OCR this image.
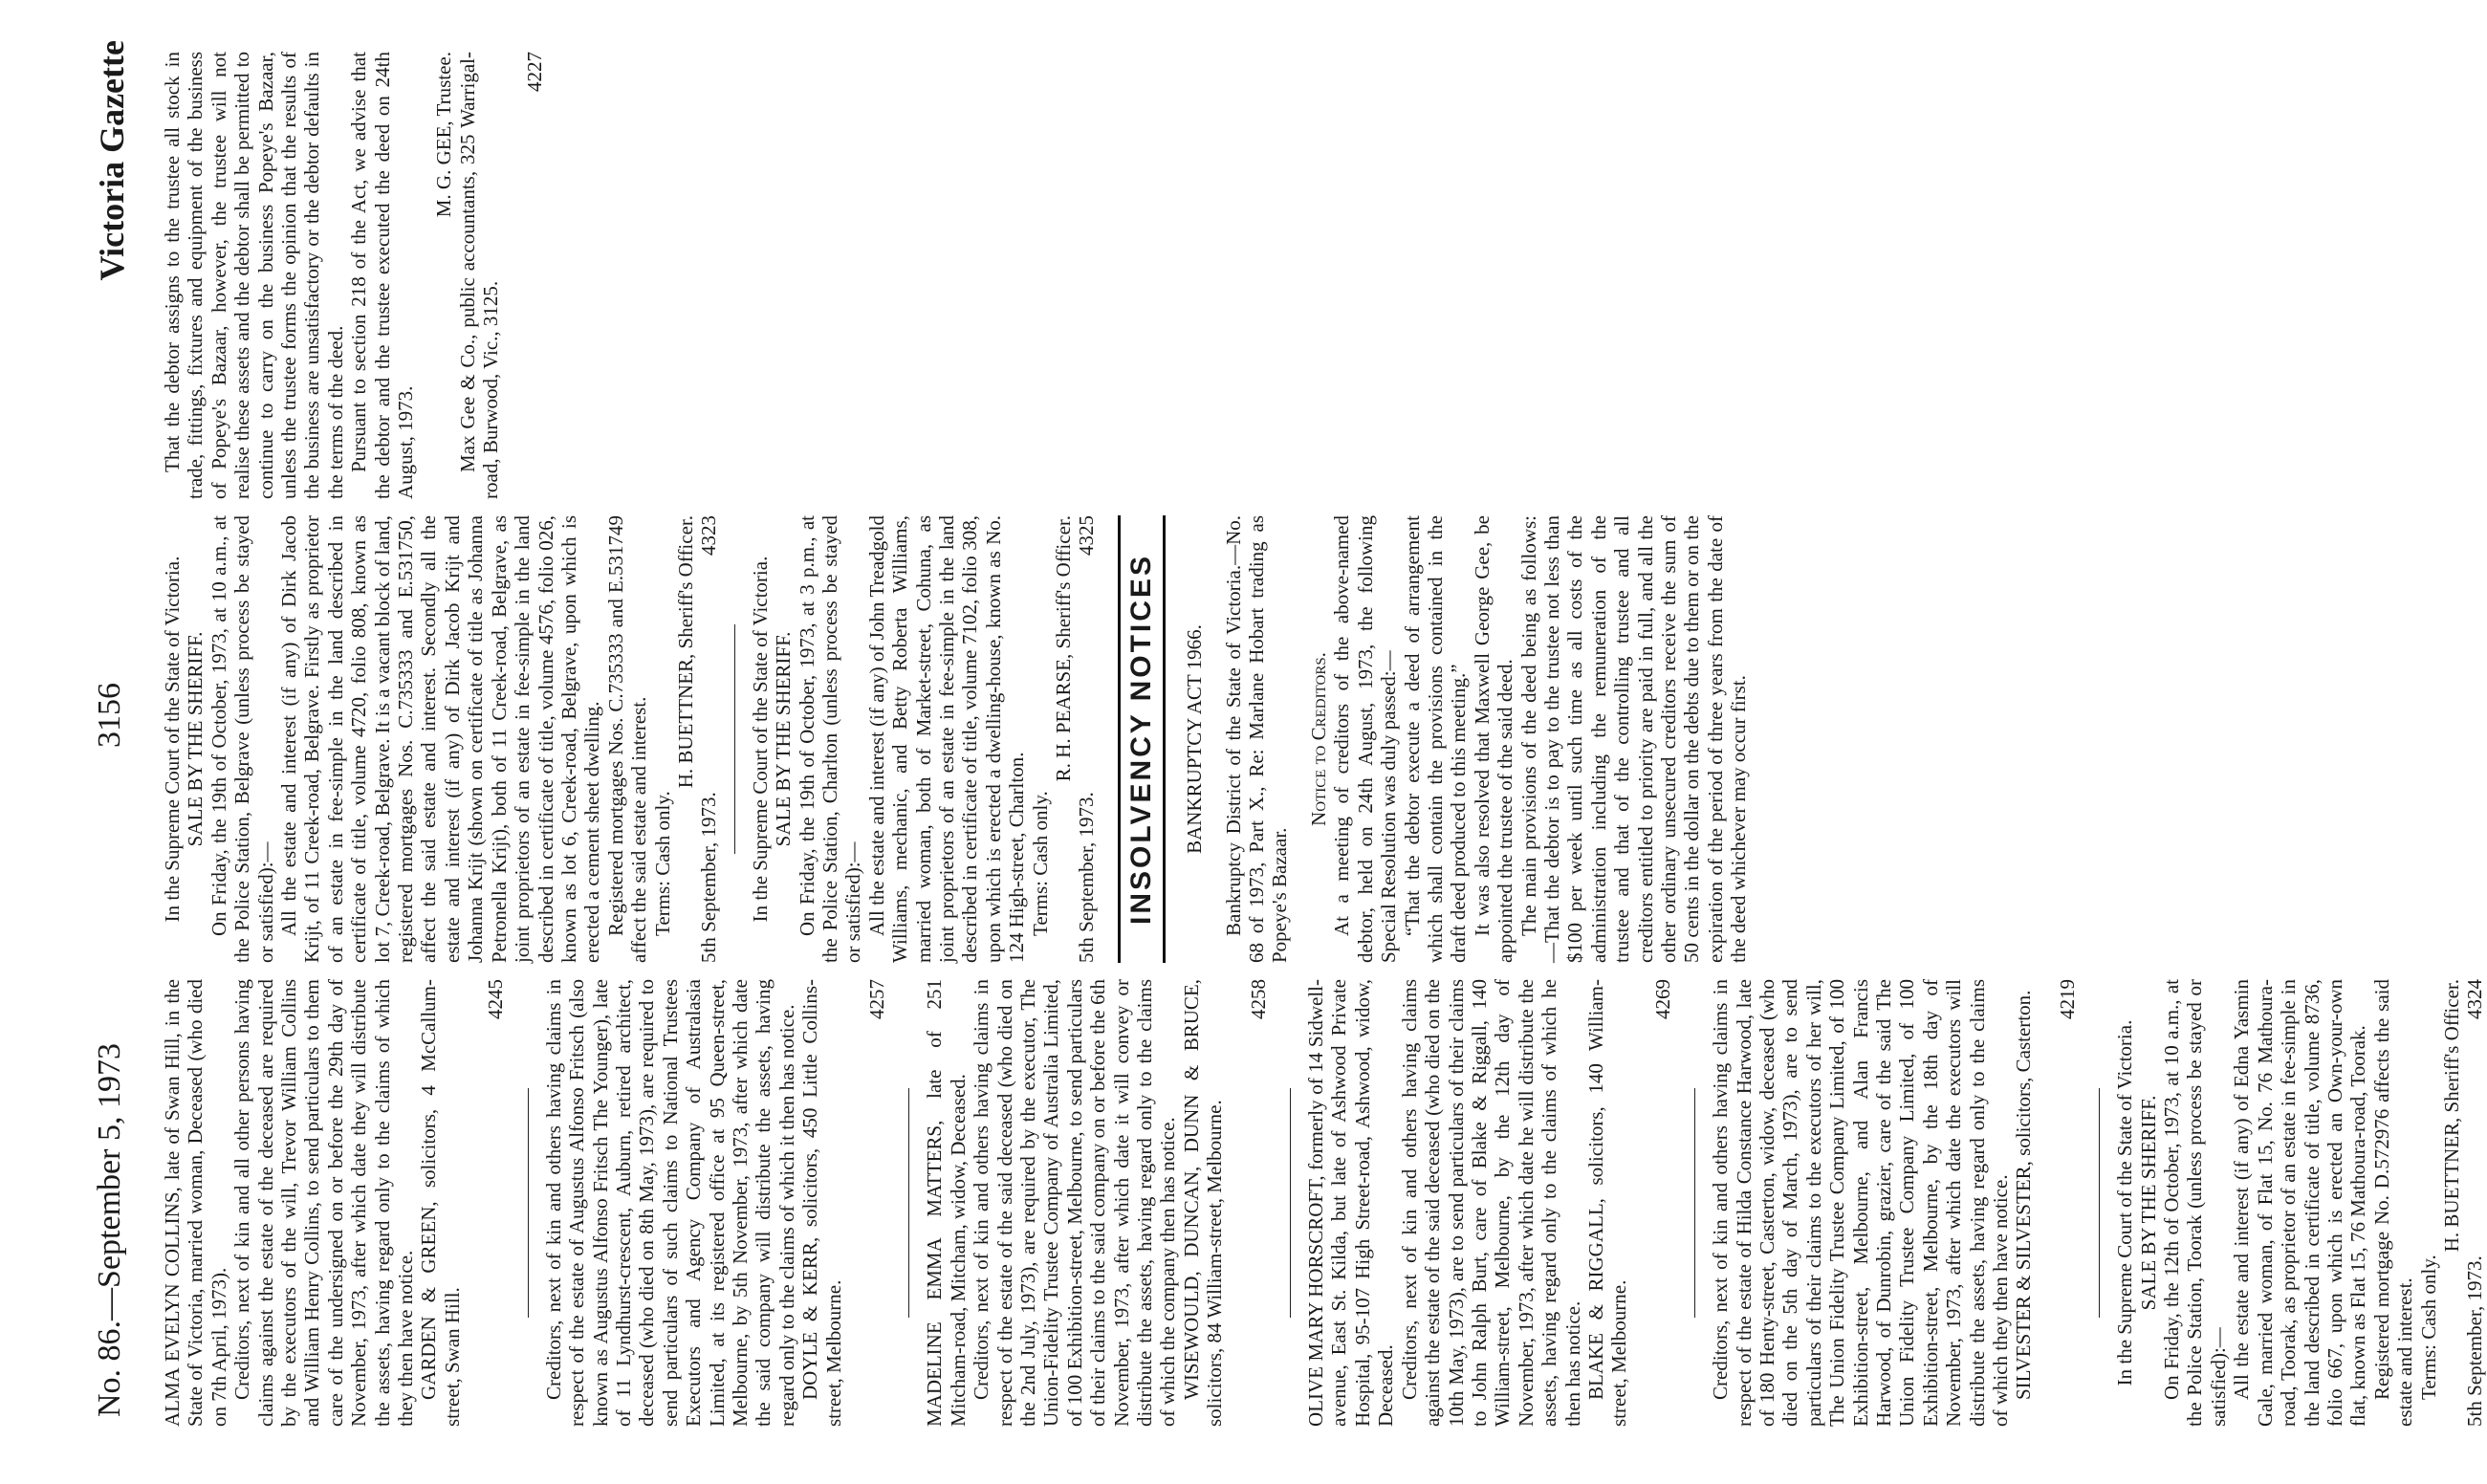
No. 86.—September 5, 1973
3156
Victoria Gazette

ALMA EVELYN COLLINS, late of Swan Hill, in the State of Victoria, married woman, Deceased (who died on 7th April, 1973). Creditors, next of kin and all other persons having claims against the estate of the deceased are required by the executors of the will, Trevor William Collins and William Henry Collins, to send particulars to them care of the undersigned on or before the 29th day of November, 1973, after which date they will distribute the assets, having regard only to the claims of which they then have notice. GARDEN & GREEN, solicitors, 4 McCallum-street, Swan Hill.

4245 Creditors, next of kin and others having claims in respect of the estate of Augustus Alfonso Fritsch (also known as Augustus Alfonso Fritsch The Younger), late of 11 Lyndhurst-crescent, Auburn, retired architect, deceased (who died on 8th May, 1973), are required to send particulars of such claims to National Trustees Executors and Agency Company of Australasia Limited, at its registered office at 95 Queen-street, Melbourne, by 5th November, 1973, after which date the said company will distribute the assets, having regard only to the claims of which it then has notice. DOYLE & KERR, solicitors, 450 Little Collins-street, Melbourne.

4257 MADELINE EMMA MATTERS, late of 251 Mitcham-road, Mitcham, widow, Deceased. Creditors, next of kin and others having claims in respect of the estate of the said deceased (who died on the 2nd July, 1973), are required by the executor, The Union-Fidelity Trustee Company of Australia Limited, of 100 Exhibition-street, Melbourne, to send particulars of their claims to the said company on or before the 6th November, 1973, after which date it will convey or distribute the assets, having regard only to the claims of which the company then has notice. WISEWOULD, DUNCAN, DUNN & BRUCE, solicitors, 84 William-street, Melbourne.

4258 OLIVE MARY HORSCROFT, formerly of 14 Sidwell-avenue, East St. Kilda, but late of Ashwood Private Hospital, 95-107 High Street-road, Ashwood, widow, Deceased. Creditors, next of kin and others having claims against the estate of the said deceased (who died on the 10th May, 1973), are to send particulars of their claims to John Ralph Burt, care of Blake & Riggall, 140 William-street, Melbourne, by the 12th day of November, 1973, after which date he will distribute the assets, having regard only to the claims of which he then has notice. BLAKE & RIGGALL, solicitors, 140 William-street, Melbourne.

4269 Creditors, next of kin and others having claims in respect of the estate of Hilda Constance Harwood, late of 180 Henty-street, Casterton, widow, deceased (who died on the 5th day of March, 1973), are to send particulars of their claims to the executors of her will, The Union Fidelity Trustee Company Limited, of 100 Exhibition-street, Melbourne, and Alan Francis Harwood, of Dunrobin, grazier, care of the said The Union Fidelity Trustee Company Limited, of 100 Exhibition-street, Melbourne, by the 18th day of November, 1973, after which date the executors will distribute the assets, having regard only to the claims of which they then have notice. SILVESTER & SILVESTER, solicitors, Casterton. 4219

In the Supreme Court of the State of Victoria. SALE BY THE SHERIFF. On Friday, the 12th of October, 1973, at 10 a.m., at the Police Station, Toorak (unless process be stayed or satisfied):— All the estate and interest (if any) of Edna Yasmin Gale, married woman, of Flat 15, No. 76 Mathoura-road, Toorak, as proprietor of an estate in fee-simple in the land described in certificate of title, volume 8736, folio 667, upon which is erected an Own-your-own flat, known as Flat 15, 76 Mathoura-road, Toorak. Registered mortgage No. D.572976 affects the said estate and interest. Terms: Cash only.

H. BUETTNER, Sheriff's Officer.

5th September, 1973.
4324

In the Supreme Court of the State of Victoria. SALE BY THE SHERIFF. On Friday, the 19th of October, 1973, at 10 a.m., at the Police Station, Belgrave (unless process be stayed or satisfied):— All the estate and interest (if any) of Dirk Jacob Krijt, of 11 Creek-road, Belgrave. Firstly as proprietor of an estate in fee-simple in the land described in certificate of title, volume 4720, folio 808, known as lot 7, Creek-road, Belgrave. It is a vacant block of land, registered mortgages Nos. C.735333 and E.531750, affect the said estate and interest. Secondly all the estate and interest (if any) of Dirk Jacob Krijt and Johanna Krijt (shown on certificate of title as Johanna Petronella Krijt), both of 11 Creek-road, Belgrave, as joint proprietors of an estate in fee-simple in the land described in certificate of title, volume 4576, folio 026, known as lot 6, Creek-road, Belgrave, upon which is erected a cement sheet dwelling. Registered mortgages Nos. C.735333 and E.531749 affect the said estate and interest. Terms: Cash only.

H. BUETTNER, Sheriff's Officer.

5th September, 1973.
4323

In the Supreme Court of the State of Victoria. SALE BY THE SHERIFF. On Friday, the 19th of October, 1973, at 3 p.m., at the Police Station, Charlton (unless process be stayed or satisfied):— All the estate and interest (if any) of John Treadgold Williams, mechanic, and Betty Roberta Williams, married woman, both of Market-street, Cohuna, as joint proprietors of an estate in fee-simple in the land described in certificate of title, volume 7102, folio 308, upon which is erected a dwelling-house, known as No. 124 High-street, Charlton. Terms: Cash only.

R. H. PEARSE, Sheriff's Officer.

5th September, 1973.
4325
INSOLVENCY NOTICES	BANKRUPTCY ACT 1966. Bankruptcy District of the State of Victoria.—No. 68 of 1973, Part X., Re: Marlane Hobart trading as Popeye's Bazaar.

Notice to Creditors. At a meeting of creditors of the above-named debtor, held on 24th August, 1973, the following Special Resolution was duly passed:— “That the debtor execute a deed of arrangement which shall contain the provisions contained in the draft deed produced to this meeting.” It was also resolved that Maxwell George Gee, be appointed the trustee of the said deed. The main provisions of the deed being as follows:—That the debtor is to pay to the trustee not less than $100 per week until such time as all costs of the administration including the remuneration of the trustee and that of the controlling trustee and all creditors entitled to priority are paid in full, and all the other ordinary unsecured creditors receive the sum of 50 cents in the dollar on the debts due to them or on the expiration of the period of three years from the date of the deed whichever may occur first.

That the debtor assigns to the trustee all stock in trade, fittings, fixtures and equipment of the business of Popeye's Bazaar, however, the trustee will not realise these assets and the debtor shall be permitted to continue to carry on the business Popeye's Bazaar, unless the trustee forms the opinion that the results of the business are unsatisfactory or the debtor defaults in the terms of the deed. Pursuant to section 218 of the Act, we advise that the debtor and the trustee executed the deed on 24th August, 1973.

M. G. GEE, Trustee. Max Gee & Co., public accountants, 325 Warrigal-road, Burwood, Vic., 3125.

4227
